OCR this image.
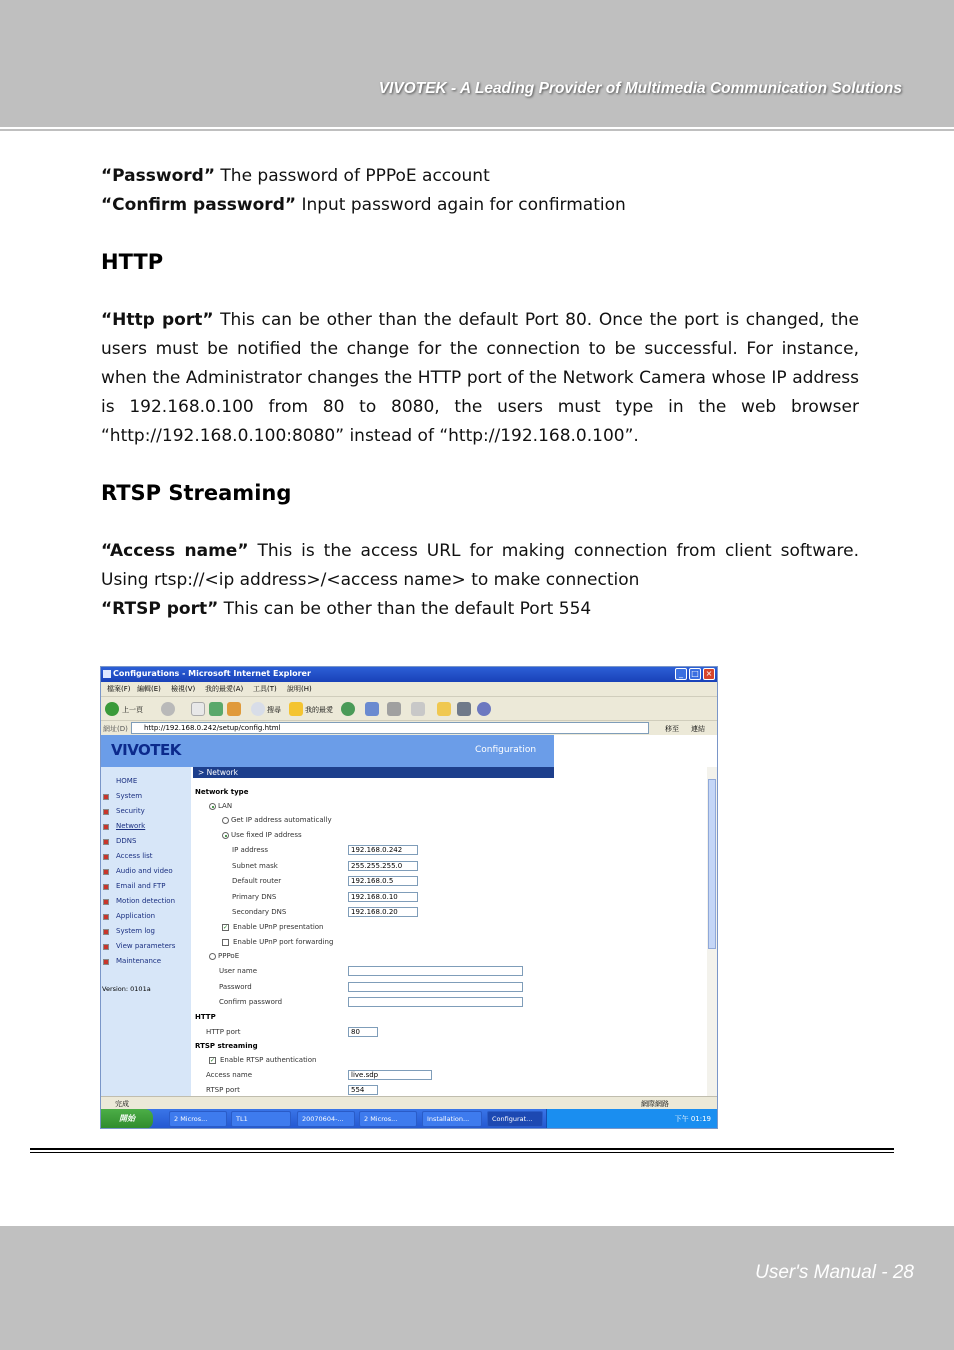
VIVOTEK - A Leading Provider of Multimedia Communication Solutions
“Password” The password of PPPoE account
“Confirm password” Input password again for confirmation
HTTP
“Http port” This can be other than the default Port 80. Once the port is changed, the users must be notified the change for the connection to be successful. For instance, when the Administrator changes the HTTP port of the Network Camera whose IP address is 192.168.0.100 from 80 to 8080, the users must type in the web browser “http://192.168.0.100:8080” instead of “http://192.168.0.100”.
RTSP Streaming
“Access name” This is the access URL for making connection from client software. Using rtsp://<ip address>/<access name> to make connection
“RTSP port” This can be other than the default Port 554
Configurations - Microsoft Internet Explorer	_	□ ×
檔案(F) 編輯(E) 檢視(V) 我的最愛(A) 工具(T) 說明(H)
上一頁	搜尋	我的最愛
網址(D) http://192.168.0.242/setup/config.html	移至 連結
VIVOTEK	Configuration
HOME
System
Security
Network
DDNS
Access list
Audio and video
Email and FTP
Motion detection
Application
System log
View parameters
Maintenance
Version: 0101a
> Network
Network type
LAN
Get IP address automatically
Use fixed IP address
IP address	192.168.0.242
Subnet mask	255.255.255.0
Default router	192.168.0.5
Primary DNS	192.168.0.10
Secondary DNS	192.168.0.20
✓ Enable UPnP presentation
Enable UPnP port forwarding
PPPoE
User name
Password
Confirm password
HTTP
HTTP port	80
RTSP streaming
✓ Enable RTSP authentication
Access name	live.sdp
RTSP port	554
完成	網際網路
開始	2 Micros...	TL1	20070604-...	2 Micros...	Installation...	Configurat...	下午 01:19
User's Manual - 28
